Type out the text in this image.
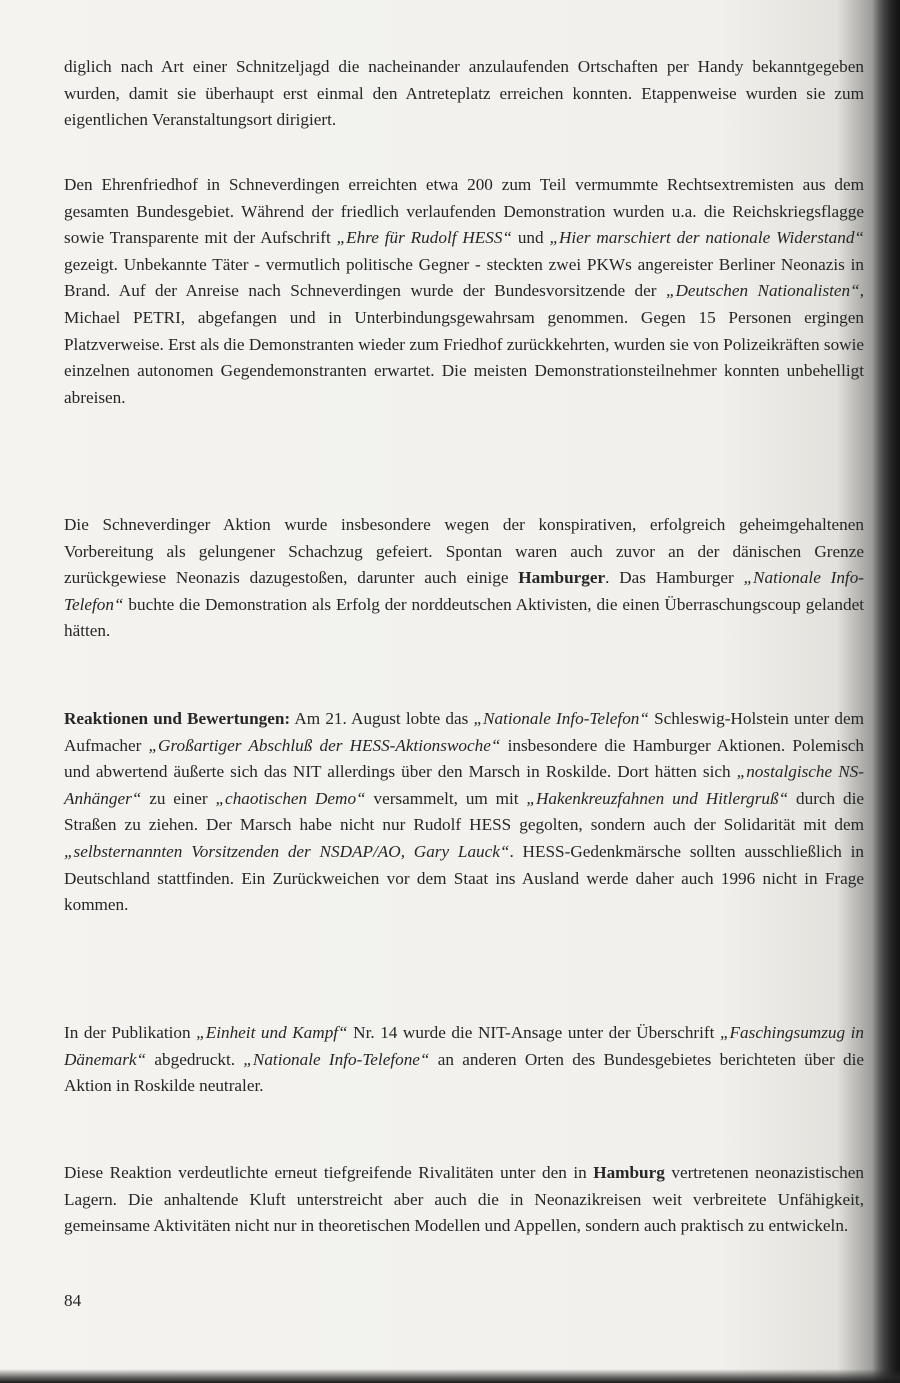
diglich nach Art einer Schnitzeljagd die nacheinander anzulaufenden Ortschaften per Handy bekanntgegeben wurden, damit sie überhaupt erst einmal den Antreteplatz erreichen konnten. Etappenweise wurden sie zum eigentlichen Veranstaltungsort dirigiert.

Den Ehrenfriedhof in Schneverdingen erreichten etwa 200 zum Teil vermummte Rechtsextremisten aus dem gesamten Bundesgebiet. Während der friedlich verlaufenden Demonstration wurden u.a. die Reichskriegsflagge sowie Transparente mit der Aufschrift „Ehre für Rudolf HESS“ und „Hier marschiert der nationale Widerstand“ gezeigt. Unbekannte Täter - vermutlich politische Gegner - steckten zwei PKWs angereister Berliner Neonazis in Brand. Auf der Anreise nach Schneverdingen wurde der Bundesvorsitzende der „Deutschen Nationalisten“, Michael PETRI, abgefangen und in Unterbindungsgewahrsam genommen. Gegen 15 Personen ergingen Platzverweise. Erst als die Demonstranten wieder zum Friedhof zurückkehrten, wurden sie von Polizeikräften sowie einzelnen autonomen Gegendemonstranten erwartet. Die meisten Demonstrationsteilnehmer konnten unbehelligt abreisen.

Die Schneverdinger Aktion wurde insbesondere wegen der konspirativen, erfolgreich geheimgehaltenen Vorbereitung als gelungener Schachzug gefeiert. Spontan waren auch zuvor an der dänischen Grenze zurückgewiese Neonazis dazugestoßen, darunter auch einige Hamburger. Das Hamburger „Nationale Info-Telefon“ buchte die Demonstration als Erfolg der norddeutschen Aktivisten, die einen Überraschungscoup gelandet hätten.

Reaktionen und Bewertungen: Am 21. August lobte das „Nationale Info-Telefon“ Schleswig-Holstein unter dem Aufmacher „Großartiger Abschluß der HESS-Aktionswoche“ insbesondere die Hamburger Aktionen. Polemisch und abwertend äußerte sich das NIT allerdings über den Marsch in Roskilde. Dort hätten sich „nostalgische NS-Anhänger“ zu einer „chaotischen Demo“ versammelt, um mit „Hakenkreuzfahnen und Hitlergruß“ durch die Straßen zu ziehen. Der Marsch habe nicht nur Rudolf HESS gegolten, sondern auch der Solidarität mit dem „selbsternannten Vorsitzenden der NSDAP/AO, Gary Lauck“. HESS-Gedenkmärsche sollten ausschließlich in Deutschland stattfinden. Ein Zurückweichen vor dem Staat ins Ausland werde daher auch 1996 nicht in Frage kommen.

In der Publikation „Einheit und Kampf“ Nr. 14 wurde die NIT-Ansage unter der Überschrift „Faschingsumzug in Dänemark“ abgedruckt. „Nationale Info-Telefone“ an anderen Orten des Bundesgebietes berichteten über die Aktion in Roskilde neutraler.

Diese Reaktion verdeutlichte erneut tiefgreifende Rivalitäten unter den in Hamburg vertretenen neonazistischen Lagern. Die anhaltende Kluft unterstreicht aber auch die in Neonazikreisen weit verbreitete Unfähigkeit, gemeinsame Aktivitäten nicht nur in theoretischen Modellen und Appellen, sondern auch praktisch zu entwickeln.

84
